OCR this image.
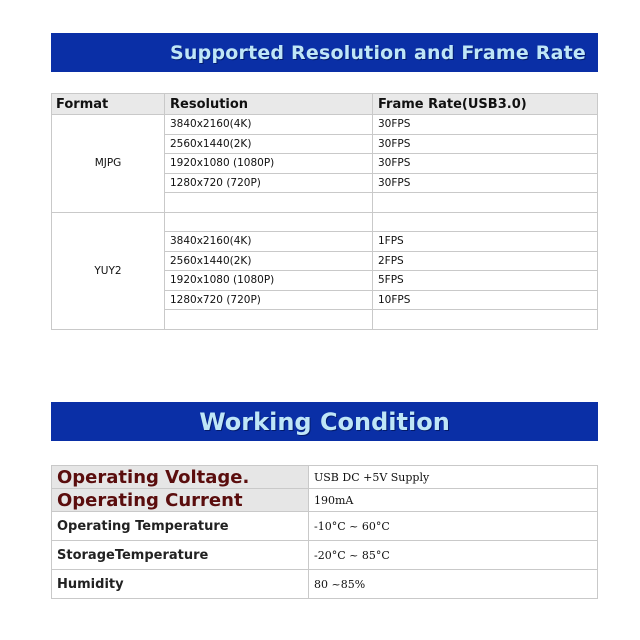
Supported Resolution and Frame Rate
Format	Resolution	Frame Rate(USB3.0)
MJPG	3840x2160(4K)	30FPS
	2560x1440(2K)	30FPS
	1920x1080 (1080P)	30FPS
	1280x720 (720P)	30FPS

YUY2		
	3840x2160(4K)	1FPS
	2560x1440(2K)	2FPS
	1920x1080 (1080P)	5FPS
	1280x720 (720P)	10FPS

Working Condition
Operating Voltage.	USB DC +5V Supply
Operating Current	190mA
Operating Temperature	-10°C ~ 60°C
StorageTemperature	-20°C ~ 85°C
Humidity	80 ~85%
